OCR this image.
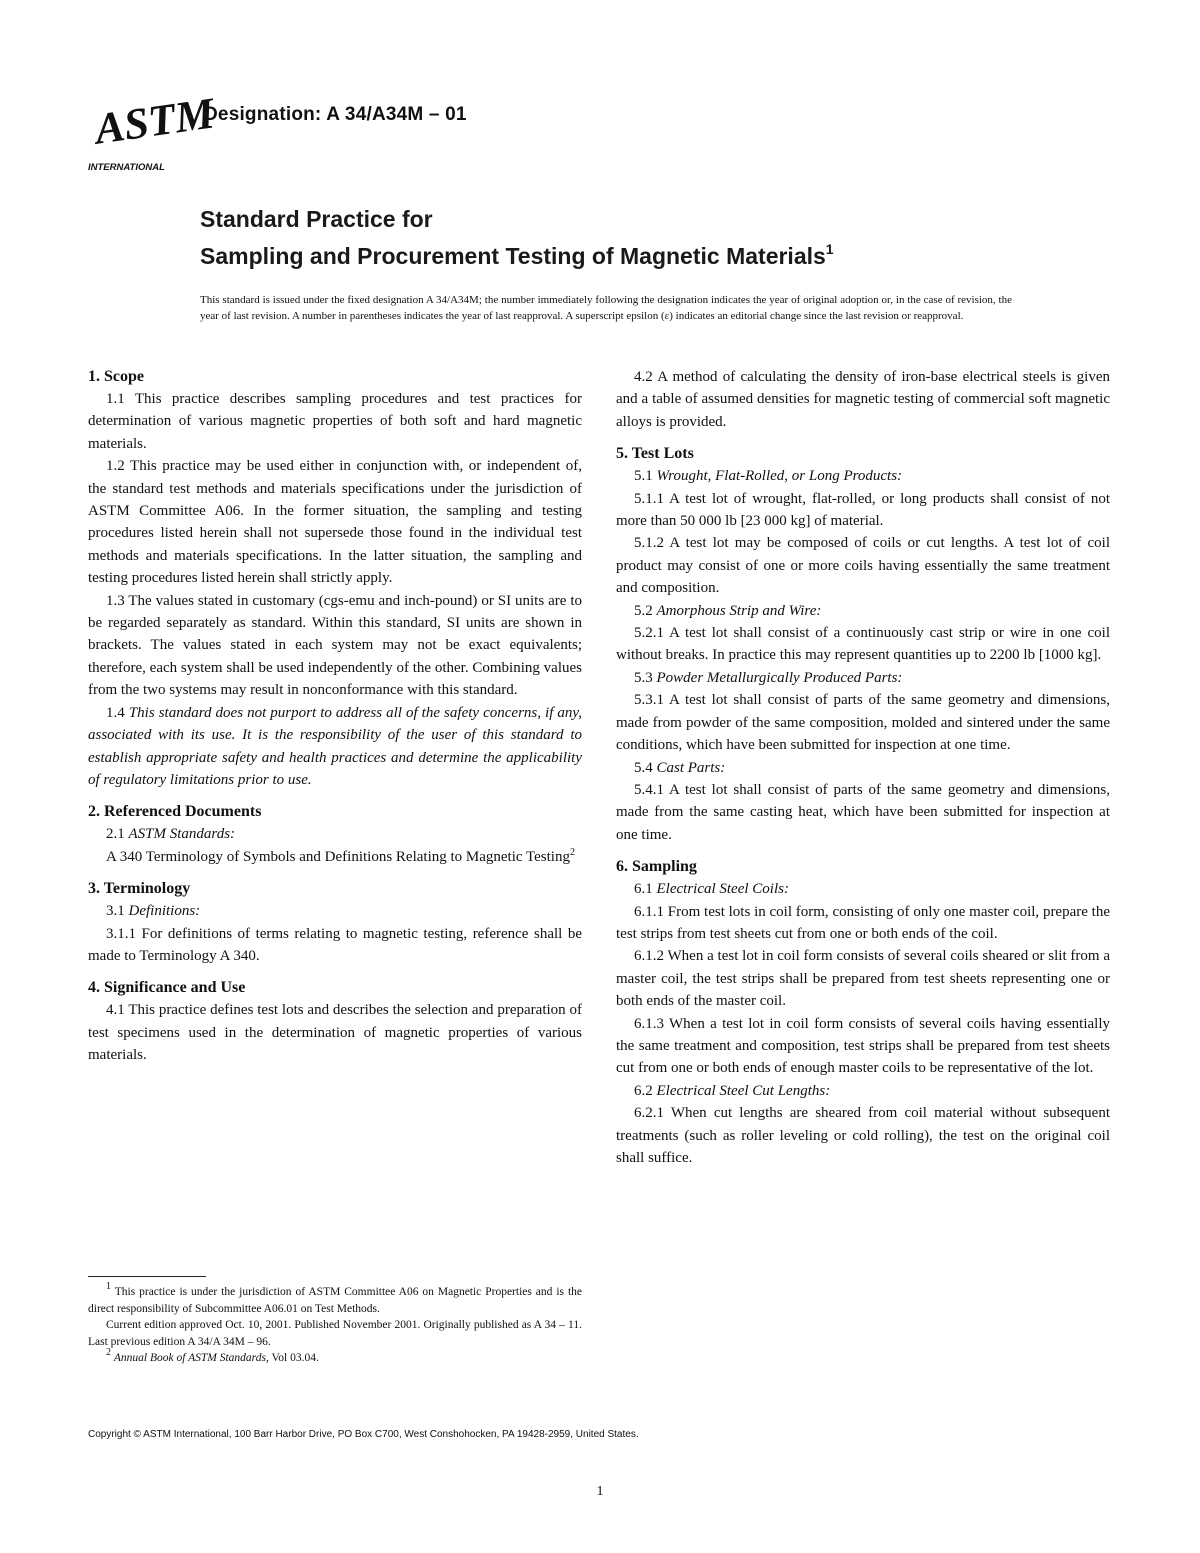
ASTM
INTERNATIONAL
Designation: A 34/A34M – 01
Standard Practice for
Sampling and Procurement Testing of Magnetic Materials$^1$
This standard is issued under the fixed designation A 34/A34M; the number immediately following the designation indicates the year of original adoption or, in the case of revision, the year of last revision. A number in parentheses indicates the year of last reapproval. A superscript epsilon (ε) indicates an editorial change since the last revision or reapproval.
1. Scope

1.1 This practice describes sampling procedures and test practices for determination of various magnetic properties of both soft and hard magnetic materials.

1.2 This practice may be used either in conjunction with, or independent of, the standard test methods and materials specifications under the jurisdiction of ASTM Committee A06. In the former situation, the sampling and testing procedures listed herein shall not supersede those found in the individual test methods and materials specifications. In the latter situation, the sampling and testing procedures listed herein shall strictly apply.

1.3 The values stated in customary (cgs-emu and inch-pound) or SI units are to be regarded separately as standard. Within this standard, SI units are shown in brackets. The values stated in each system may not be exact equivalents; therefore, each system shall be used independently of the other. Combining values from the two systems may result in nonconformance with this standard.

1.4 This standard does not purport to address all of the safety concerns, if any, associated with its use. It is the responsibility of the user of this standard to establish appropriate safety and health practices and determine the applicability of regulatory limitations prior to use.

2. Referenced Documents

2.1 ASTM Standards:

A 340 Terminology of Symbols and Definitions Relating to Magnetic Testing$^2$

3. Terminology

3.1 Definitions:

3.1.1 For definitions of terms relating to magnetic testing, reference shall be made to Terminology A 340.

4. Significance and Use

4.1 This practice defines test lots and describes the selection and preparation of test specimens used in the determination of magnetic properties of various materials.

4.2 A method of calculating the density of iron-base electrical steels is given and a table of assumed densities for magnetic testing of commercial soft magnetic alloys is provided.

5. Test Lots

5.1 Wrought, Flat-Rolled, or Long Products:

5.1.1 A test lot of wrought, flat-rolled, or long products shall consist of not more than 50 000 lb [23 000 kg] of material.

5.1.2 A test lot may be composed of coils or cut lengths. A test lot of coil product may consist of one or more coils having essentially the same treatment and composition.

5.2 Amorphous Strip and Wire:

5.2.1 A test lot shall consist of a continuously cast strip or wire in one coil without breaks. In practice this may represent quantities up to 2200 lb [1000 kg].

5.3 Powder Metallurgically Produced Parts:

5.3.1 A test lot shall consist of parts of the same geometry and dimensions, made from powder of the same composition, molded and sintered under the same conditions, which have been submitted for inspection at one time.

5.4 Cast Parts:

5.4.1 A test lot shall consist of parts of the same geometry and dimensions, made from the same casting heat, which have been submitted for inspection at one time.

6. Sampling

6.1 Electrical Steel Coils:

6.1.1 From test lots in coil form, consisting of only one master coil, prepare the test strips from test sheets cut from one or both ends of the coil.

6.1.2 When a test lot in coil form consists of several coils sheared or slit from a master coil, the test strips shall be prepared from test sheets representing one or both ends of the master coil.

6.1.3 When a test lot in coil form consists of several coils having essentially the same treatment and composition, test strips shall be prepared from test sheets cut from one or both ends of enough master coils to be representative of the lot.

6.2 Electrical Steel Cut Lengths:

6.2.1 When cut lengths are sheared from coil material without subsequent treatments (such as roller leveling or cold rolling), the test on the original coil shall suffice.

$^1$ This practice is under the jurisdiction of ASTM Committee A06 on Magnetic Properties and is the direct responsibility of Subcommittee A06.01 on Test Methods.

Current edition approved Oct. 10, 2001. Published November 2001. Originally published as A 34 – 11. Last previous edition A 34/A 34M – 96.

$^2$ Annual Book of ASTM Standards, Vol 03.04.

Copyright © ASTM International, 100 Barr Harbor Drive, PO Box C700, West Conshohocken, PA 19428-2959, United States.
1
